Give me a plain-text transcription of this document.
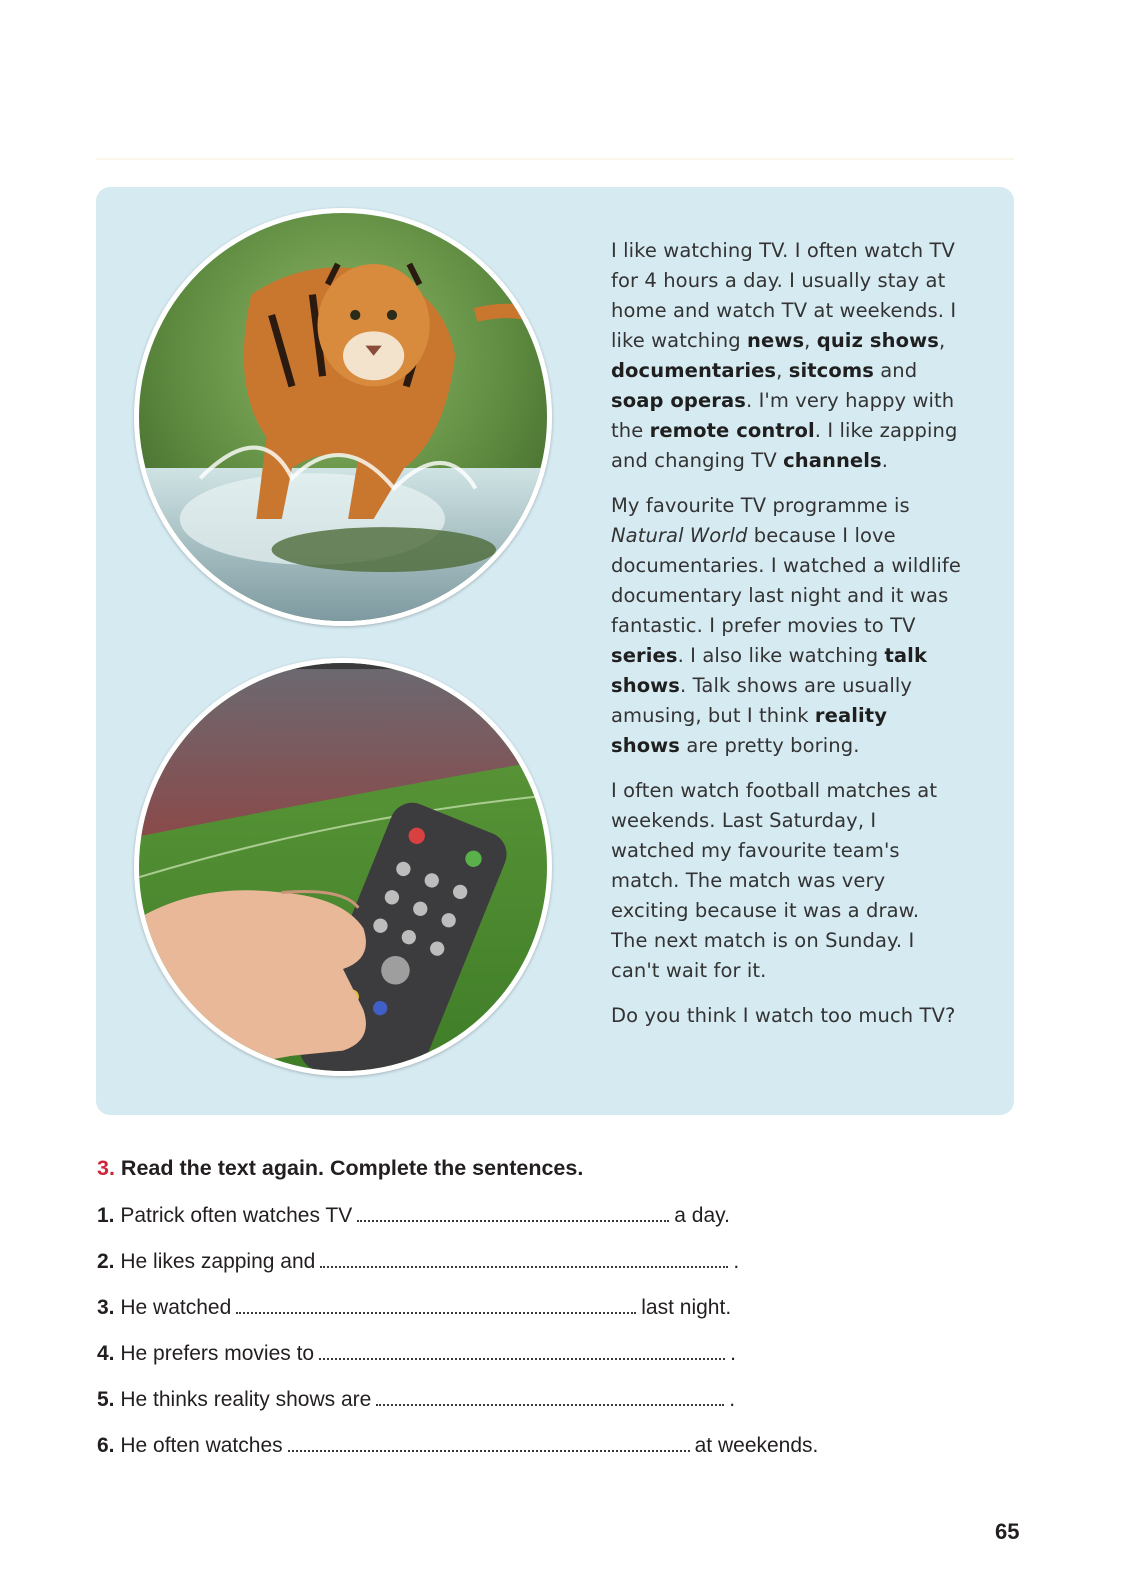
I like watching TV. I often watch TV for 4 hours a day. I usually stay at home and watch TV at weekends. I like watching news, quiz shows, documentaries, sitcoms and soap operas. I'm very happy with the remote control. I like zapping and changing TV channels.

My favourite TV programme is Natural World because I love documentaries. I watched a wildlife documentary last night and it was fantastic. I prefer movies to TV series. I also like watching talk shows. Talk shows are usually amusing, but I think reality shows are pretty boring.

I often watch football matches at weekends. Last Saturday, I watched my favourite team's match. The match was very exciting because it was a draw. The next match is on Sunday. I can't wait for it.

Do you think I watch too much TV?

3. Read the text again. Complete the sentences.
1. Patrick often watches TV	a day.
2. He likes zapping and	.
3. He watched	last night.
4. He prefers movies to	.
5. He thinks reality shows are	.
6. He often watches	at weekends.
65
